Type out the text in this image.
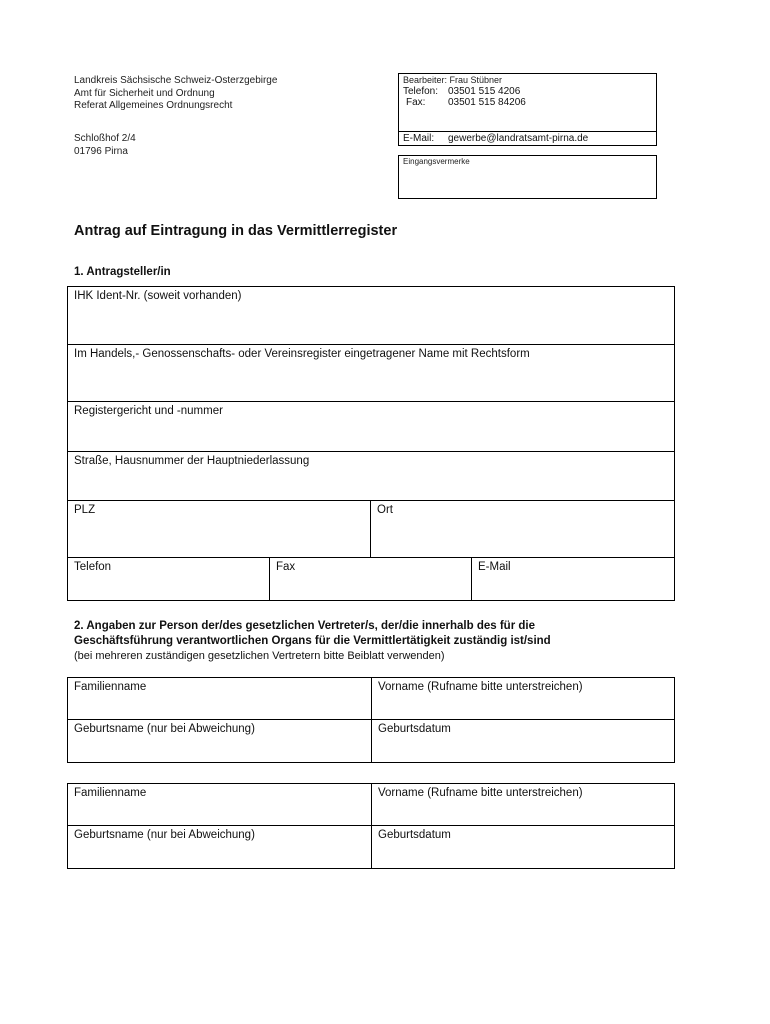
Landkreis Sächsische Schweiz-Osterzgebirge
Amt für Sicherheit und Ordnung
Referat Allgemeines Ordnungsrecht
Schloßhof 2/4
01796 Pirna
Bearbeiter: Frau Stübner
Telefon: 03501 515 4206
Fax: 03501 515 84206
E-Mail: gewerbe@landratsamt-pirna.de
Eingangsvermerke
Antrag auf Eintragung in das Vermittlerregister
1. Antragsteller/in
IHK Ident-Nr. (soweit vorhanden)			
Im Handels,- Genossenschafts- oder Vereinsregister eingetragener Name mit Rechtsform			
Registergericht und -nummer			
Straße, Hausnummer der Hauptniederlassung			
PLZ		Ort	
Telefon	Fax		E-Mail
2. Angaben zur Person der/des gesetzlichen Vertreter/s, der/die innerhalb des für die
Geschäftsführung verantwortlichen Organs für die Vermittlertätigkeit zuständig ist/sind
(bei mehreren zuständigen gesetzlichen Vertretern bitte Beiblatt verwenden)
Familienname	Vorname (Rufname bitte unterstreichen)
Geburtsname (nur bei Abweichung)	Geburtsdatum
Familienname	Vorname (Rufname bitte unterstreichen)
Geburtsname (nur bei Abweichung)	Geburtsdatum
